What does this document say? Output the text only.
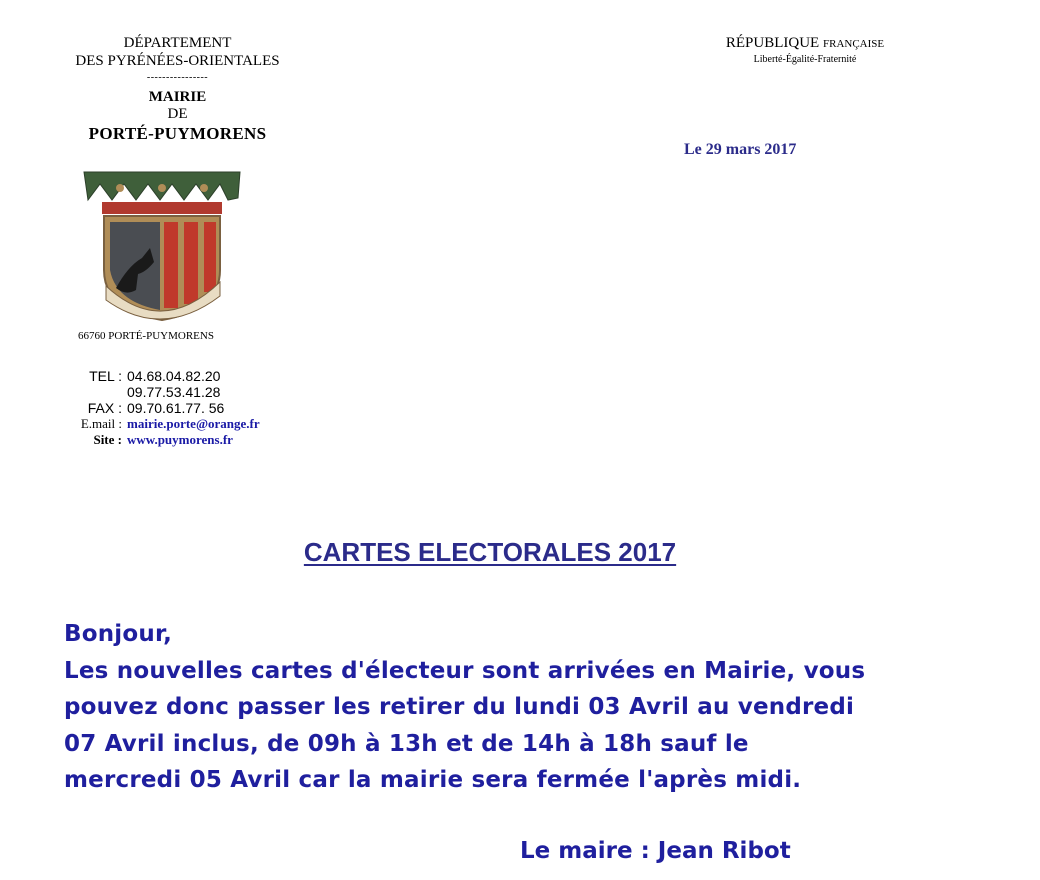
DÉPARTEMENT
DES PYRÉNÉES-ORIENTALES
----------------
MAIRIE
DE
PORTÉ-PUYMORENS
66760 PORTÉ-PUYMORENS
TEL : 04.68.04.82.20
09.77.53.41.28
FAX : 09.70.61.77. 56
E.mail : mairie.porte@orange.fr
Site : www.puymorens.fr
RÉPUBLIQUE FRANÇAISE
Liberté-Égalité-Fraternité
Le 29 mars 2017
CARTES ELECTORALES 2017
Bonjour,
Les nouvelles cartes d'électeur sont arrivées en Mairie, vous
pouvez donc passer les retirer du lundi 03 Avril au vendredi
07 Avril inclus, de 09h à 13h et de 14h à 18h sauf le
mercredi 05 Avril car la mairie sera fermée l'après midi.
Le maire : Jean Ribot
